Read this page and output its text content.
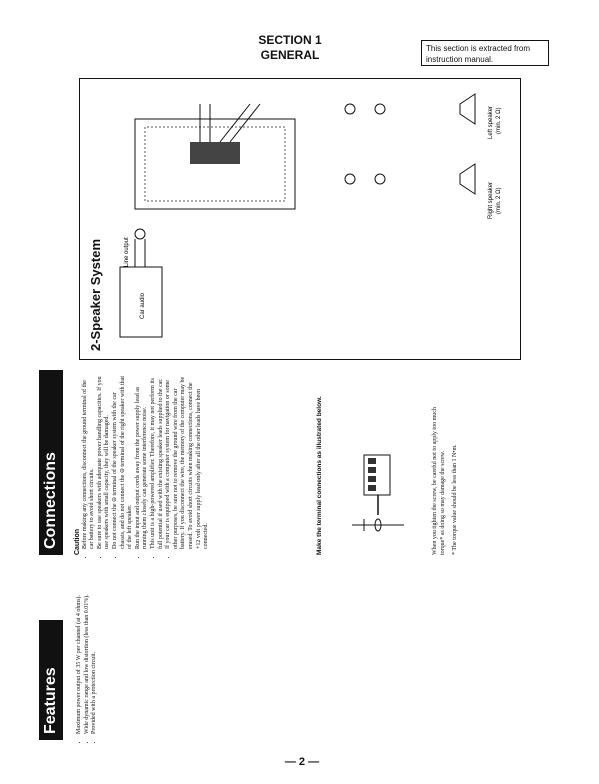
SECTION 1
GENERAL	This section is extracted from instruction manual.
Features	• Maximum power output of 35 W per channel (at 4 ohms). • Wide dynamic range and low distortion (less than 0.01%). • Provided with a protection circuit.
Connections Caution • Before making any connections, disconnect the ground terminal of the car battery to avoid short circuits. • Be sure to use speakers with adequate power handling capacities. If you use speakers with small capacity, they will be damaged. • Do not connect the ⊖ terminal of the speaker system with the car chassis, and do not connect the ⊖ terminal of the right speaker with that of the left speaker. • Run the input and output cords away from the power supply lead as running them closely can generate some interference noise. • This unit is a high-powered amplifier. Therefore, it may not perform its full potential if used with the existing speaker leads supplied to the car. • If your car is equipped with a computer system for navigation or some other purposes, be sure not to remove the ground wire from the car battery. If you disconnect the wire, the memory of the computer may be erased. To avoid short circuits when making connections, connect the +12 volt power supply lead only after all the other leads have been connected.	Make the terminal connections as illustrated below.	When you tighten the screw, be careful not to apply too much torque* as doing so may damage the screw. * The torque value should be less than 1 N•m.
2-Speaker System	Car audio
Line output
Right speaker (min. 2 Ω)
Left speaker (min. 2 Ω)
— 2 —
